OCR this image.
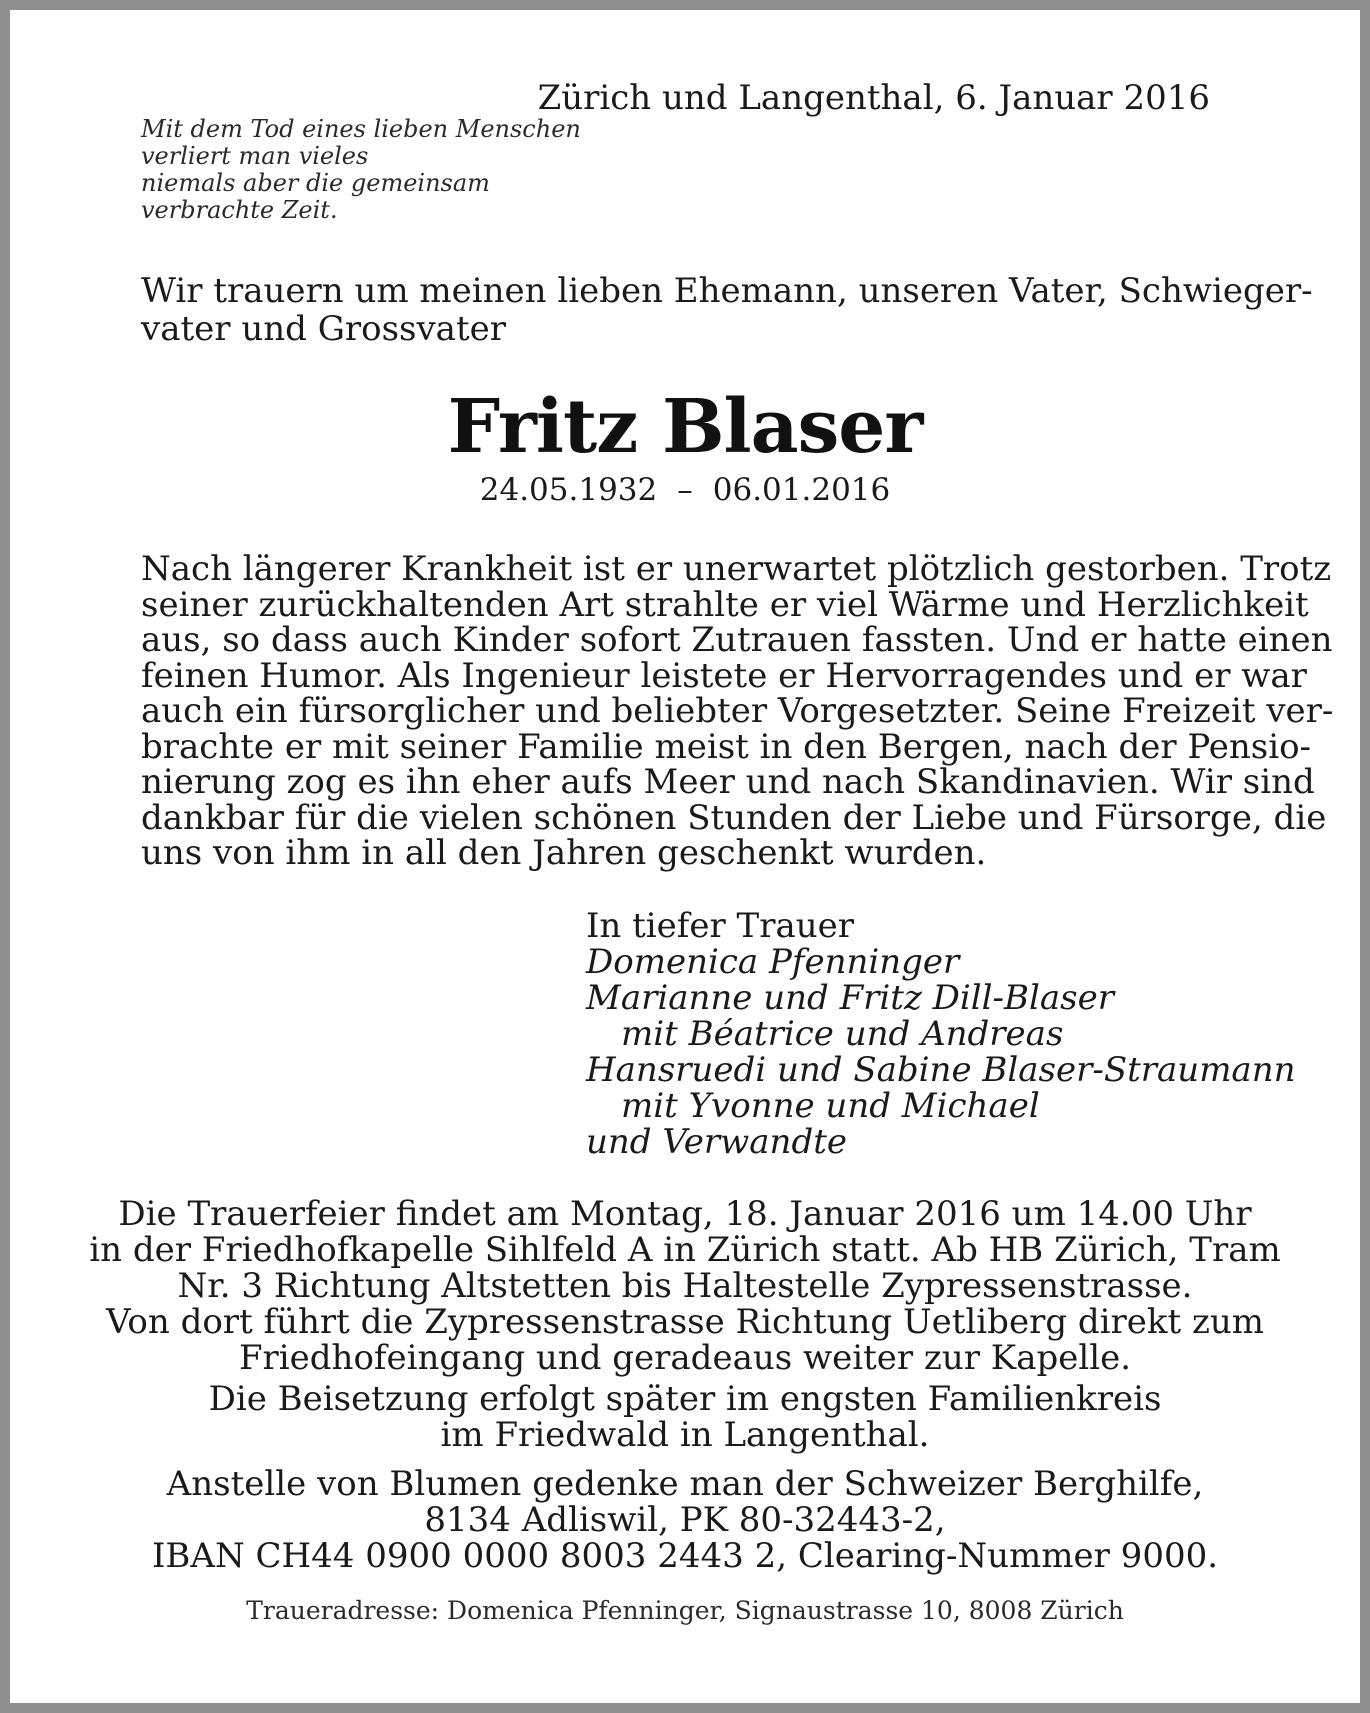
Zürich und Langenthal, 6. Januar 2016
Mit dem Tod eines lieben Menschen
verliert man vieles
niemals aber die gemeinsam
verbrachte Zeit.
Wir trauern um meinen lieben Ehemann, unseren Vater, Schwieger-
vater und Grossvater
Fritz Blaser
24.05.1932 – 06.01.2016
Nach längerer Krankheit ist er unerwartet plötzlich gestorben. Trotz
seiner zurückhaltenden Art strahlte er viel Wärme und Herzlichkeit
aus, so dass auch Kinder sofort Zutrauen fassten. Und er hatte einen
feinen Humor. Als Ingenieur leistete er Hervorragendes und er war
auch ein fürsorglicher und beliebter Vorgesetzter. Seine Freizeit ver-
brachte er mit seiner Familie meist in den Bergen, nach der Pensio-
nierung zog es ihn eher aufs Meer und nach Skandinavien. Wir sind
dankbar für die vielen schönen Stunden der Liebe und Fürsorge, die
uns von ihm in all den Jahren geschenkt wurden.
In tiefer Trauer
Domenica Pfenninger
Marianne und Fritz Dill-Blaser
mit Béatrice und Andreas
Hansruedi und Sabine Blaser-Straumann
mit Yvonne und Michael
und Verwandte
Die Trauerfeier findet am Montag, 18. Januar 2016 um 14.00 Uhr
in der Friedhofkapelle Sihlfeld A in Zürich statt. Ab HB Zürich, Tram
Nr. 3 Richtung Altstetten bis Haltestelle Zypressenstrasse.
Von dort führt die Zypressenstrasse Richtung Uetliberg direkt zum
Friedhofeingang und geradeaus weiter zur Kapelle.
Die Beisetzung erfolgt später im engsten Familienkreis
im Friedwald in Langenthal.
Anstelle von Blumen gedenke man der Schweizer Berghilfe,
8134 Adliswil, PK 80-32443-2,
IBAN CH44 0900 0000 8003 2443 2, Clearing-Nummer 9000.
Traueradresse: Domenica Pfenninger, Signaustrasse 10, 8008 Zürich
